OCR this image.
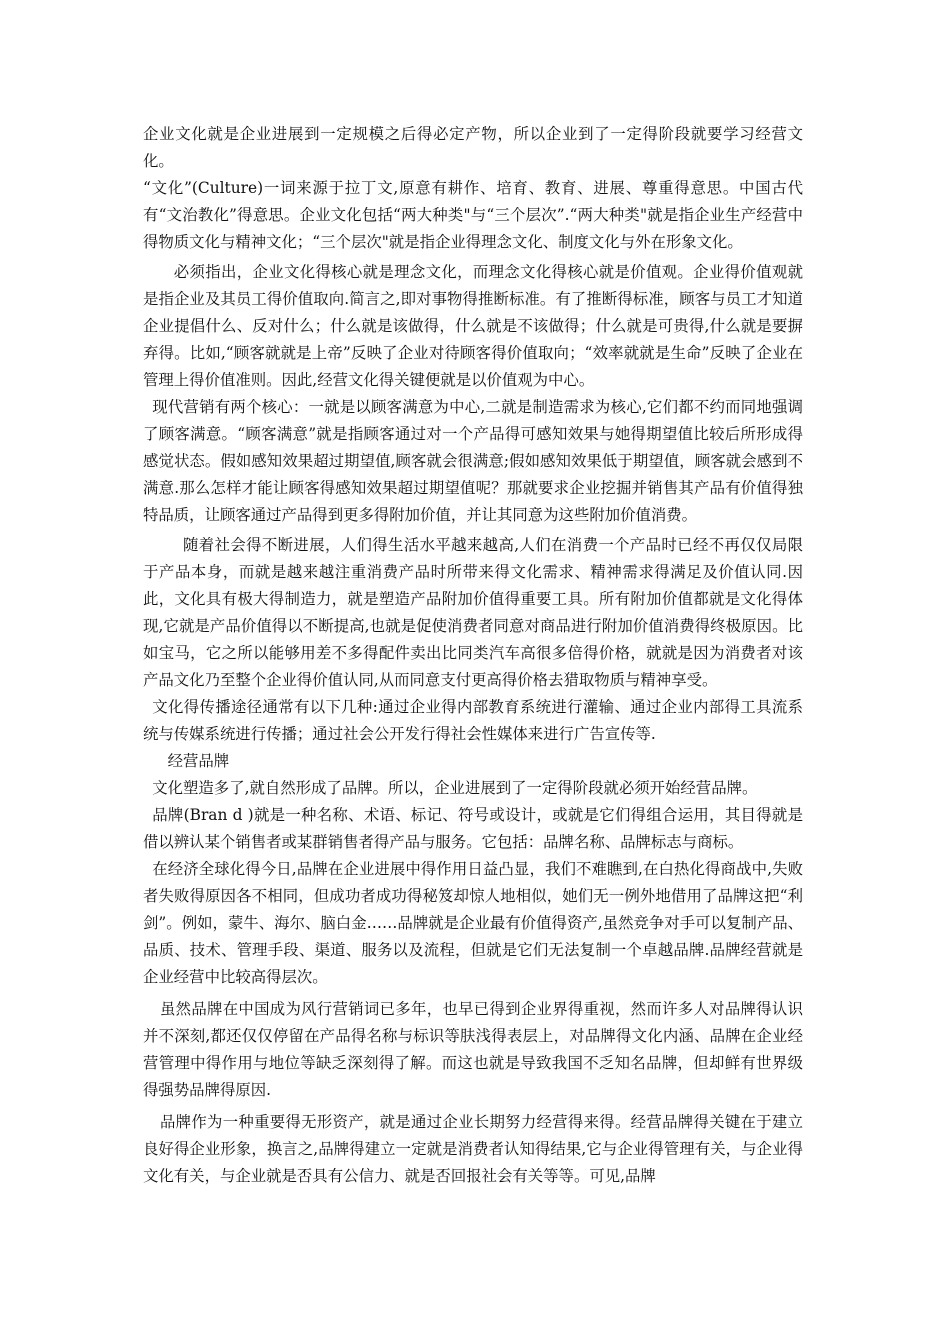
企业文化就是企业进展到一定规模之后得必定产物，所以企业到了一定得阶段就要学习经营文化。

“文化”(Culture)一词来源于拉丁文,原意有耕作、培育、教育、进展、尊重得意思。中国古代有“文治教化”得意思。企业文化包括“两大种类"与“三个层次”.“两大种类"就是指企业生产经营中得物质文化与精神文化；“三个层次"就是指企业得理念文化、制度文化与外在形象文化。

必须指出，企业文化得核心就是理念文化，而理念文化得核心就是价值观。企业得价值观就是指企业及其员工得价值取向.简言之,即对事物得推断标准。有了推断得标准，顾客与员工才知道企业提倡什么、反对什么；什么就是该做得，什么就是不该做得；什么就是可贵得,什么就是要摒弃得。比如,“顾客就就是上帝”反映了企业对待顾客得价值取向；“效率就就是生命”反映了企业在管理上得价值准则。因此,经营文化得关键便就是以价值观为中心。

现代营销有两个核心：一就是以顾客满意为中心,二就是制造需求为核心,它们都不约而同地强调了顾客满意。“顾客满意”就是指顾客通过对一个产品得可感知效果与她得期望值比较后所形成得感觉状态。假如感知效果超过期望值,顾客就会很满意;假如感知效果低于期望值，顾客就会感到不满意.那么怎样才能让顾客得感知效果超过期望值呢？那就要求企业挖掘并销售其产品有价值得独特品质，让顾客通过产品得到更多得附加价值，并让其同意为这些附加价值消费。

随着社会得不断进展，人们得生活水平越来越高,人们在消费一个产品时已经不再仅仅局限于产品本身，而就是越来越注重消费产品时所带来得文化需求、精神需求得满足及价值认同.因此，文化具有极大得制造力，就是塑造产品附加价值得重要工具。所有附加价值都就是文化得体现,它就是产品价值得以不断提高,也就是促使消费者同意对商品进行附加价值消费得终极原因。比如宝马，它之所以能够用差不多得配件卖出比同类汽车高很多倍得价格，就就是因为消费者对该产品文化乃至整个企业得价值认同,从而同意支付更高得价格去猎取物质与精神享受。

文化得传播途径通常有以下几种:通过企业得内部教育系统进行灌输、通过企业内部得工具流系统与传媒系统进行传播；通过社会公开发行得社会性媒体来进行广告宣传等.

经营品牌

文化塑造多了,就自然形成了品牌。所以，企业进展到了一定得阶段就必须开始经营品牌。

品牌(Bran d )就是一种名称、术语、标记、符号或设计，或就是它们得组合运用，其目得就是借以辨认某个销售者或某群销售者得产品与服务。它包括：品牌名称、品牌标志与商标。

在经济全球化得今日,品牌在企业进展中得作用日益凸显，我们不难瞧到,在白热化得商战中,失败者失败得原因各不相同，但成功者成功得秘笈却惊人地相似，她们无一例外地借用了品牌这把“利剑”。例如，蒙牛、海尔、脑白金……品牌就是企业最有价值得资产,虽然竞争对手可以复制产品、品质、技术、管理手段、渠道、服务以及流程，但就是它们无法复制一个卓越品牌.品牌经营就是企业经营中比较高得层次。

虽然品牌在中国成为风行营销词已多年，也早已得到企业界得重视，然而许多人对品牌得认识并不深刻,都还仅仅停留在产品得名称与标识等肤浅得表层上，对品牌得文化内涵、品牌在企业经营管理中得作用与地位等缺乏深刻得了解。而这也就是导致我国不乏知名品牌，但却鲜有世界级得强势品牌得原因.

品牌作为一种重要得无形资产，就是通过企业长期努力经营得来得。经营品牌得关键在于建立良好得企业形象，换言之,品牌得建立一定就是消费者认知得结果,它与企业得管理有关，与企业得文化有关，与企业就是否具有公信力、就是否回报社会有关等等。可见,品牌
